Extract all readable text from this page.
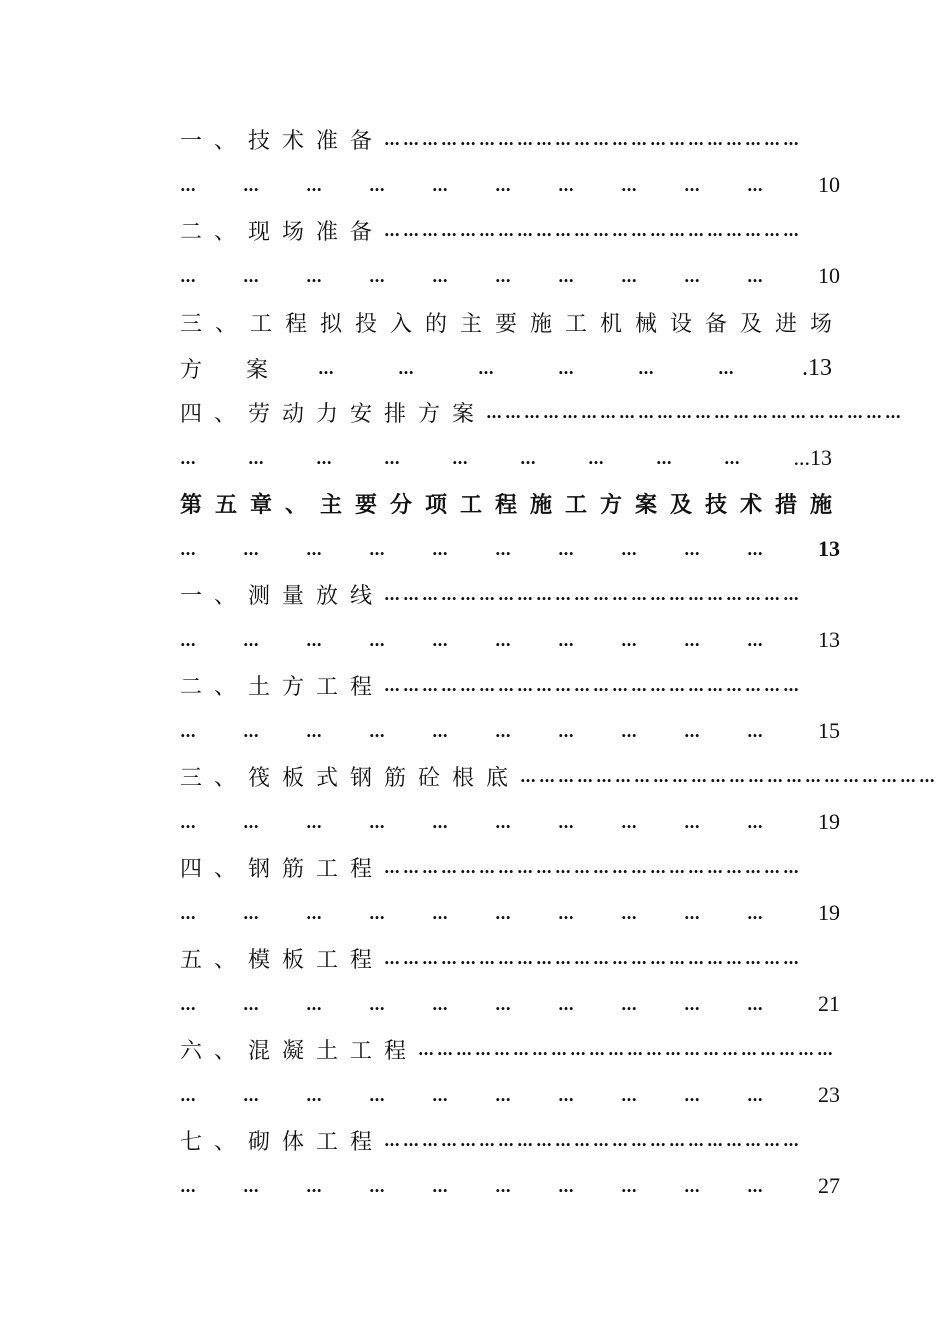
一、技术准备 …………………………………………………………
…	…	…	…	…	…	…	…	…	…	10
二、现场准备 …………………………………………………………
…	…	…	…	…	…	…	…	…	…	10
三、工程拟投入的主要施工机械设备及进场
方　　案	…	…	…	…	…	…	.13
四、劳动力安排方案 …………………………………………………………
…	…	…	…	…	…	…	…	…	...13
第五章、主要分项工程施工方案及技术措施
…	…	…	…	…	…	…	…	…	…	13
一、测量放线 …………………………………………………………
…	…	…	…	…	…	…	…	…	…	13
二、土方工程 …………………………………………………………
…	…	…	…	…	…	…	…	…	…	15
三、筏板式钢筋砼根底 …………………………………………………………
…	…	…	…	…	…	…	…	…	…	19
四、钢筋工程 …………………………………………………………
…	…	…	…	…	…	…	…	…	…	19
五、模板工程 …………………………………………………………
…	…	…	…	…	…	…	…	…	…	21
六、混凝土工程 …………………………………………………………
…	…	…	…	…	…	…	…	…	…	23
七、砌体工程 …………………………………………………………
…	…	…	…	…	…	…	…	…	…	27
